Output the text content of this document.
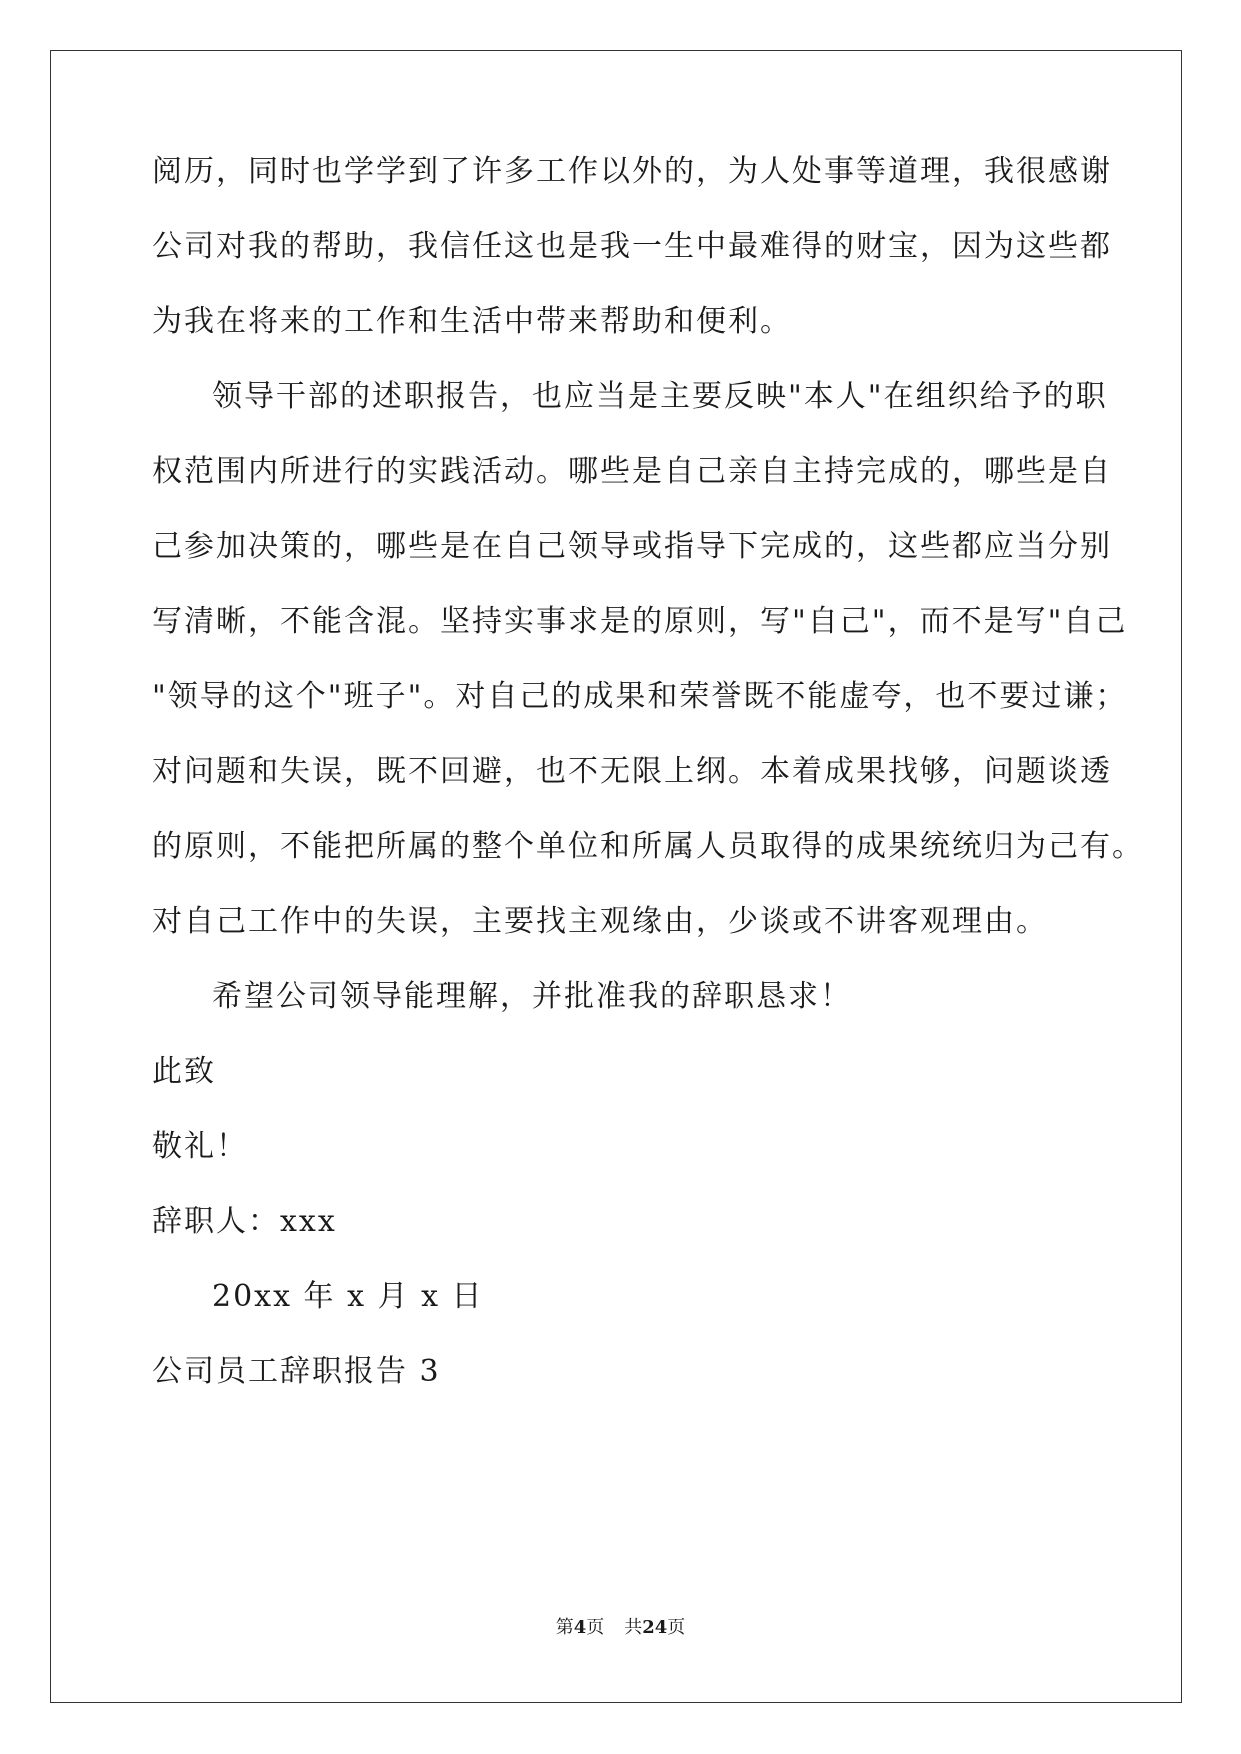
阅历，同时也学学到了许多工作以外的，为人处事等道理，我很感谢
公司对我的帮助，我信任这也是我一生中最难得的财宝，因为这些都
为我在将来的工作和生活中带来帮助和便利。
领导干部的述职报告，也应当是主要反映"本人"在组织给予的职
权范围内所进行的实践活动。哪些是自己亲自主持完成的，哪些是自
己参加决策的，哪些是在自己领导或指导下完成的，这些都应当分别
写清晰，不能含混。坚持实事求是的原则，写"自己"，而不是写"自己
"领导的这个"班子"。对自己的成果和荣誉既不能虚夸，也不要过谦；
对问题和失误，既不回避，也不无限上纲。本着成果找够，问题谈透
的原则，不能把所属的整个单位和所属人员取得的成果统统归为己有。
对自己工作中的失误，主要找主观缘由，少谈或不讲客观理由。
希望公司领导能理解，并批准我的辞职恳求！
此致
敬礼！
辞职人：xxx
20xx 年 x 月 x 日
公司员工辞职报告 3
第4页 共24页
